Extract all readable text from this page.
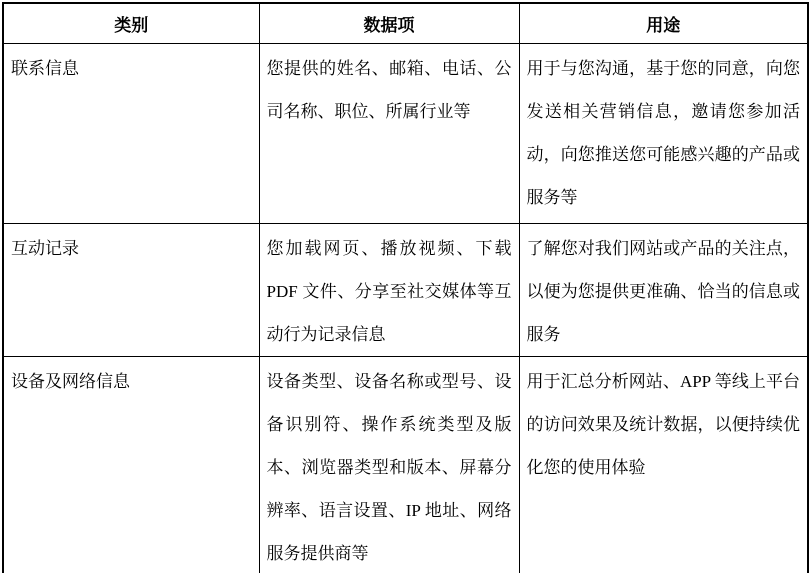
类别	数据项	用途
联系信息	您提供的姓名、邮箱、电话、公司名称、职位、所属行业等	用于与您沟通，基于您的同意，向您发送相关营销信息，邀请您参加活动，向您推送您可能感兴趣的产品或服务等
互动记录	您加载网页、播放视频、下载 PDF 文件、分享至社交媒体等互动行为记录信息	了解您对我们网站或产品的关注点，以便为您提供更准确、恰当的信息或服务
设备及网络信息	设备类型、设备名称或型号、设备识别符、操作系统类型及版本、浏览器类型和版本、屏幕分辨率、语言设置、IP 地址、网络服务提供商等	用于汇总分析网站、APP 等线上平台的访问效果及统计数据，以便持续优化您的使用体验
